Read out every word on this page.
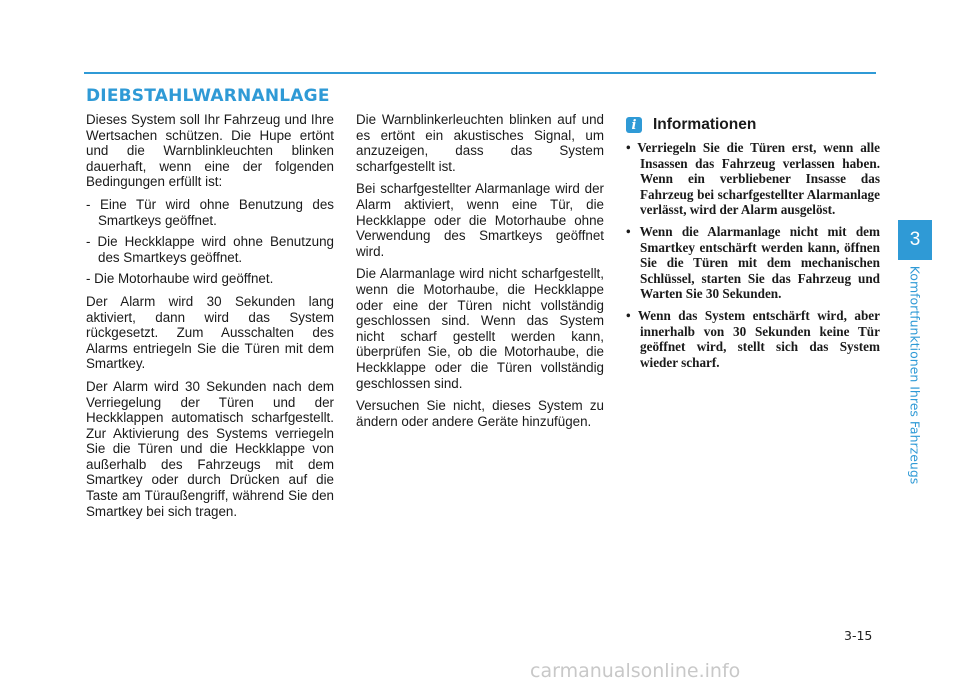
DIEBSTAHLWARNANLAGE

Dieses System soll Ihr Fahrzeug und Ihre Wertsachen schützen. Die Hupe ertönt und die Warnblinkleuchten blinken dauerhaft, wenn eine der folgenden Bedingungen erfüllt ist:

- Eine Tür wird ohne Benutzung des Smartkeys geöffnet.
- Die Heckklappe wird ohne Benutzung des Smartkeys geöffnet.
- Die Motorhaube wird geöffnet.

Der Alarm wird 30 Sekunden lang aktiviert, dann wird das System rückgesetzt. Zum Ausschalten des Alarms entriegeln Sie die Türen mit dem Smartkey.

Der Alarm wird 30 Sekunden nach dem Verriegelung der Türen und der Heckklappen automatisch scharfgestellt. Zur Aktivierung des Systems verriegeln Sie die Türen und die Heckklappe von außerhalb des Fahrzeugs mit dem Smartkey oder durch Drücken auf die Taste am Türaußengriff, während Sie den Smartkey bei sich tragen.

Die Warnblinkerleuchten blinken auf und es ertönt ein akustisches Signal, um anzuzeigen, dass das System scharfgestellt ist.

Bei scharfgestellter Alarmanlage wird der Alarm aktiviert, wenn eine Tür, die Heckklappe oder die Motorhaube ohne Verwendung des Smartkeys geöffnet wird.

Die Alarmanlage wird nicht scharfgestellt, wenn die Motorhaube, die Heckklappe oder eine der Türen nicht vollständig geschlossen sind. Wenn das System nicht scharf gestellt werden kann, überprüfen Sie, ob die Motorhaube, die Heckklappe oder die Türen vollständig geschlossen sind.

Versuchen Sie nicht, dieses System zu ändern oder andere Geräte hinzufügen.

i	Informationen
• Verriegeln Sie die Türen erst, wenn alle Insassen das Fahrzeug verlassen haben. Wenn ein verbliebener Insasse das Fahrzeug bei scharfgestellter Alarmanlage verlässt, wird der Alarm ausgelöst.
• Wenn die Alarmanlage nicht mit dem Smartkey entschärft werden kann, öffnen Sie die Türen mit dem mechanischen Schlüssel, starten Sie das Fahrzeug und Warten Sie 30 Sekunden.
• Wenn das System entschärft wird, aber innerhalb von 30 Sekunden keine Tür geöffnet wird, stellt sich das System wieder scharf.
3
Komfortfunktionen Ihres Fahrzeugs
3-15
carmanualsonline.info
